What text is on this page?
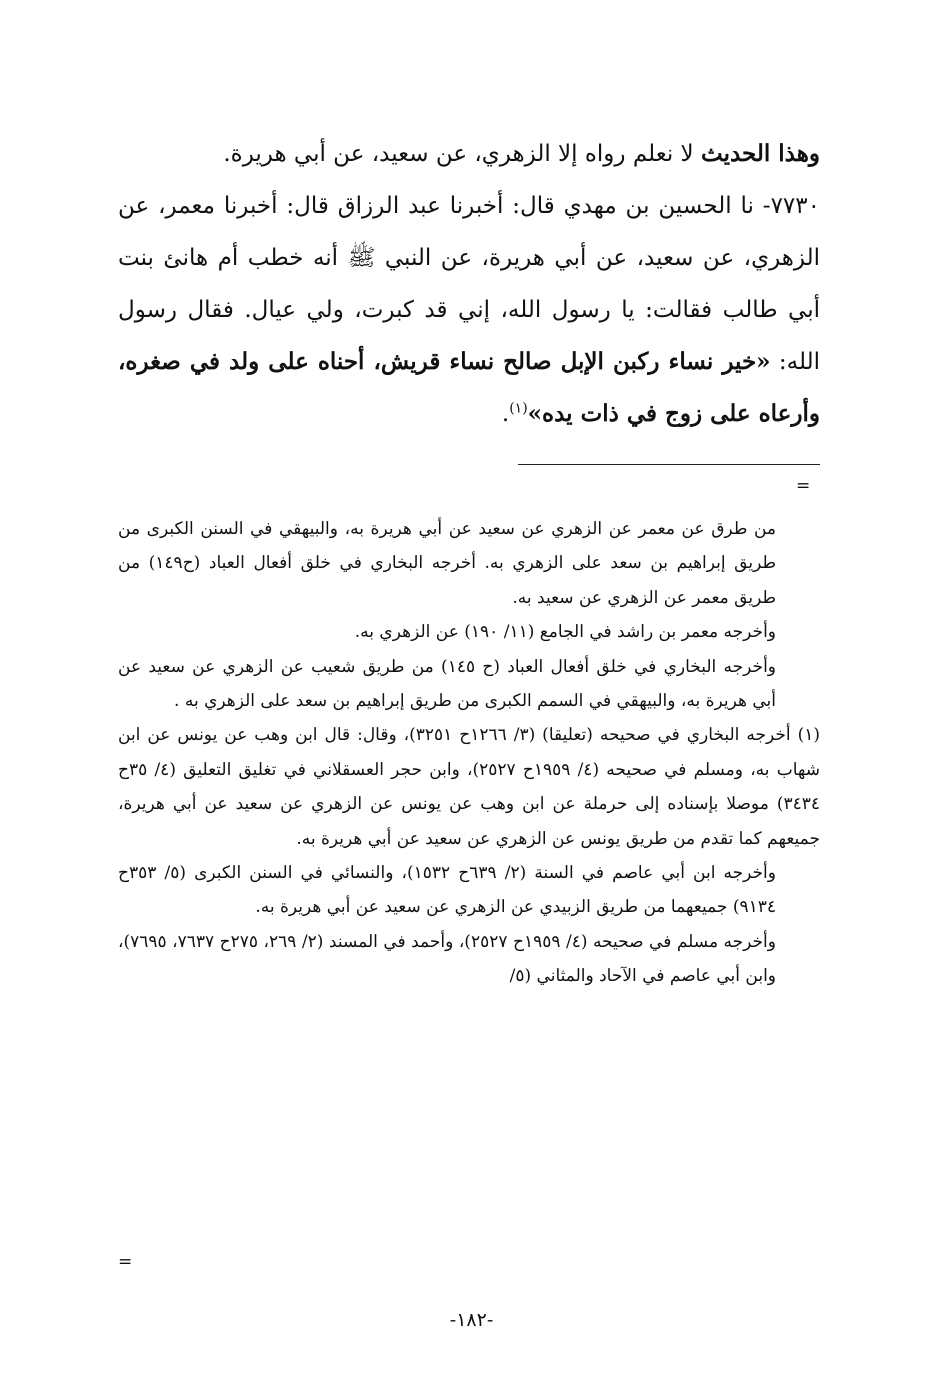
وهذا الحديث لا نعلم رواه إلا الزهري، عن سعيد، عن أبي هريرة.

٧٧٣٠- نا الحسين بن مهدي قال: أخبرنا عبد الرزاق قال: أخبرنا معمر، عن الزهري، عن سعيد، عن أبي هريرة، عن النبي ﷺ أنه خطب أم هانئ بنت أبي طالب فقالت: يا رسول الله، إني قد كبرت، ولي عيال. فقال رسول الله: «خير نساء ركبن الإبل صالح نساء قريش، أحناه على ولد في صغره، وأرعاه على زوج في ذات يده»$^{(١)}$.

=

من طرق عن معمر عن الزهري عن سعيد عن أبي هريرة به، والبيهقي في السنن الكبرى من طريق إبراهيم بن سعد على الزهري به. أخرجه البخاري في خلق أفعال العباد (ح١٤٩) من طريق معمر عن الزهري عن سعيد به.

وأخرجه معمر بن راشد في الجامع (١١/ ١٩٠) عن الزهري به.

وأخرجه البخاري في خلق أفعال العباد (ح ١٤٥) من طريق شعيب عن الزهري عن سعيد عن أبي هريرة به، والبيهقي في السمم الكبرى من طريق إبراهيم بن سعد على الزهري به .

(١) أخرجه البخاري في صحيحه (تعليقا) (٣/ ١٢٦٦ح ٣٢٥١)، وقال: قال ابن وهب عن يونس عن ابن شهاب به، ومسلم في صحيحه (٤/ ١٩٥٩ح ٢٥٢٧)، وابن حجر العسقلاني في تغليق التعليق (٤/ ٣٥ح ٣٤٣٤) موصلا بإسناده إلى حرملة عن ابن وهب عن يونس عن الزهري عن سعيد عن أبي هريرة، جميعهم كما تقدم من طريق يونس عن الزهري عن سعيد عن أبي هريرة به.

وأخرجه ابن أبي عاصم في السنة (٢/ ٦٣٩ح ١٥٣٢)، والنسائي في السنن الكبرى (٥/ ٣٥٣ح ٩١٣٤) جميعهما من طريق الزبيدي عن الزهري عن سعيد عن أبي هريرة به.

وأخرجه مسلم في صحيحه (٤/ ١٩٥٩ح ٢٥٢٧)، وأحمد في المسند (٢/ ٢٦٩، ٢٧٥ح ٧٦٣٧، ٧٦٩٥)، وابن أبي عاصم في الآحاد والمثاني (٥/

=
-١٨٢-
